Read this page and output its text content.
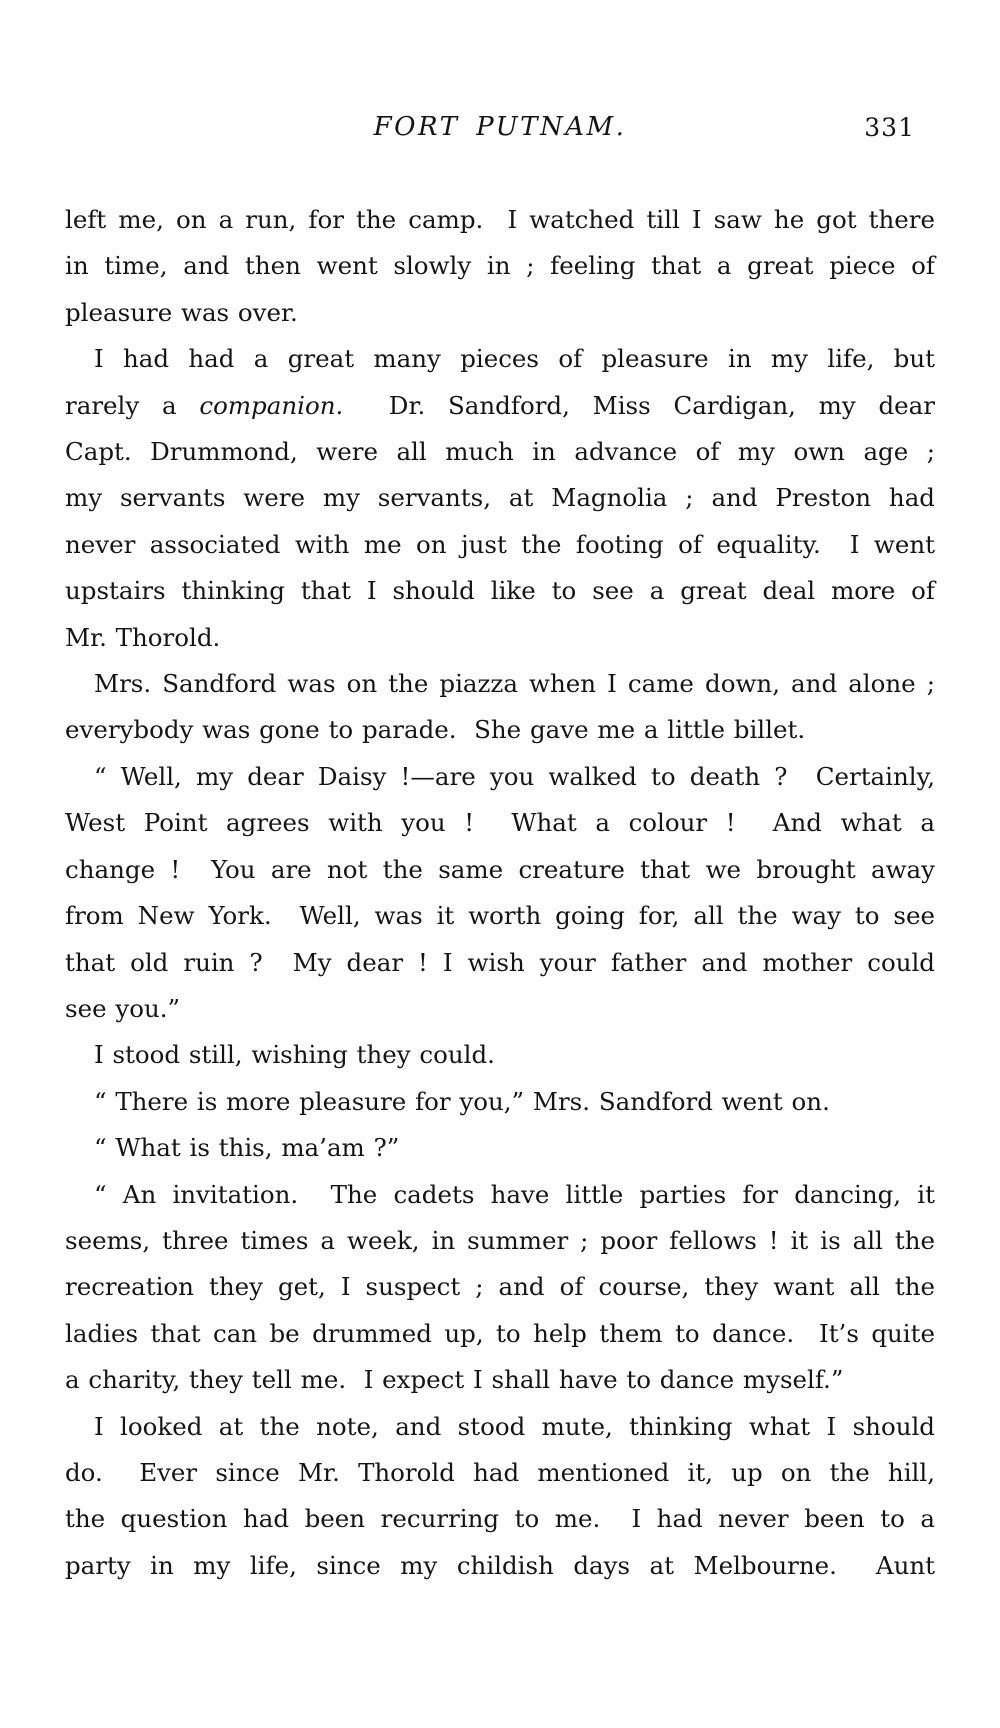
FORT PUTNAM.	331
left me, on a run, for the camp.  I watched till I saw he got there
in time, and then went slowly in ; feeling that a great piece of
pleasure was over.
I had had a great many pieces of pleasure in my life, but
rarely a companion.  Dr. Sandford, Miss Cardigan, my dear
Capt. Drummond, were all much in advance of my own age ;
my servants were my servants, at Magnolia ; and Preston had
never associated with me on just the footing of equality.  I went
upstairs thinking that I should like to see a great deal more of
Mr. Thorold.
Mrs. Sandford was on the piazza when I came down, and alone ;
everybody was gone to parade.  She gave me a little billet.
“ Well, my dear Daisy !—are you walked to death ?  Certainly,
West Point agrees with you !  What a colour !  And what a
change !  You are not the same creature that we brought away
from New York.  Well, was it worth going for, all the way to see
that old ruin ?  My dear ! I wish your father and mother could
see you.”
I stood still, wishing they could.
“ There is more pleasure for you,” Mrs. Sandford went on.
“ What is this, ma’am ?”
“ An invitation.  The cadets have little parties for dancing, it
seems, three times a week, in summer ; poor fellows ! it is all the
recreation they get, I suspect ; and of course, they want all the
ladies that can be drummed up, to help them to dance.  It’s quite
a charity, they tell me.  I expect I shall have to dance myself.”
I looked at the note, and stood mute, thinking what I should
do.  Ever since Mr. Thorold had mentioned it, up on the hill,
the question had been recurring to me.  I had never been to a
party in my life, since my childish days at Melbourne.  Aunt
